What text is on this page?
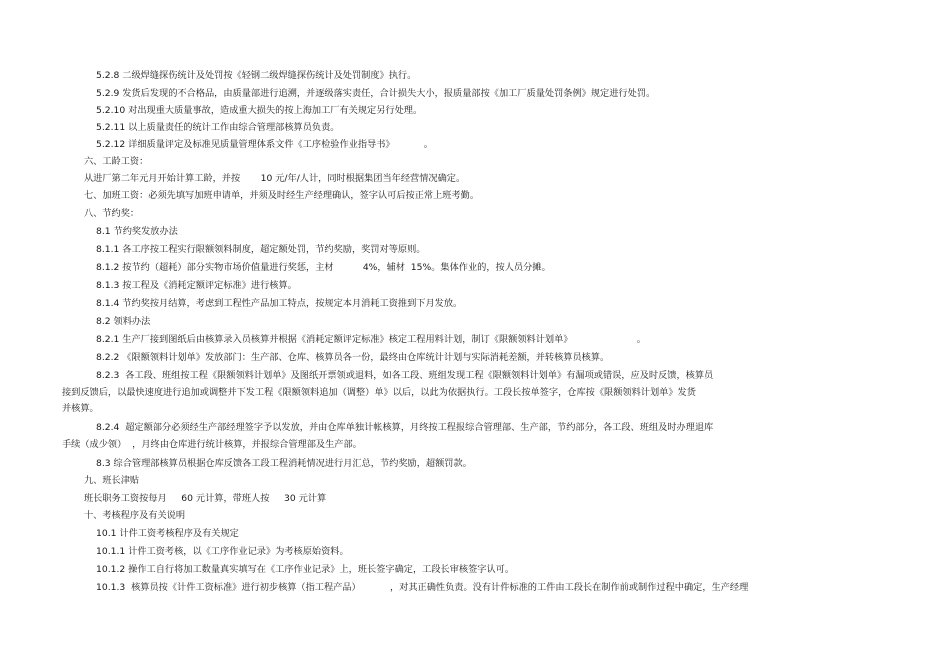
5.2.8 二级焊缝探伤统计及处罚按《轻钢二级焊缝探伤统计及处罚制度》执行。
5.2.9 发货后发现的不合格品，由质量部进行追溯，并逐级落实责任，合计损失大小，报质量部按《加工厂质量处罚条例》规定进行处罚。
5.2.10 对出现重大质量事故，造成重大损失的按上海加工厂有关规定另行处理。
5.2.11 以上质量责任的统计工作由综合管理部核算员负责。
5.2.12 详细质量评定及标准见质量管理体系文件《工序检验作业指导书》          。
六、工龄工资：
从进厂第二年元月开始计算工龄，并按       10 元/年/人计，同时根据集团当年经营情况确定。
七、加班工资：必须先填写加班申请单，并须及时经生产经理确认，签字认可后按正常上班考勤。
八、节约奖：
8.1 节约奖发放办法
8.1.1 各工序按工程实行限额领料制度，超定额处罚，节约奖励，奖罚对等原则。
8.1.2 按节约（超耗）部分实物市场价值量进行奖惩，主材          4%，辅材  15%。集体作业的，按人员分摊。
8.1.3 按工程及《消耗定额评定标准》进行核算。
8.1.4 节约奖按月结算，考虑到工程性产品加工特点，按规定本月消耗工资推到下月发放。
8.2 领料办法
8.2.1 生产厂接到图纸后由核算录入员核算并根据《消耗定额评定标准》核定工程用料计划，制订《限额领料计划单》                      。
8.2.2 《限额领料计划单》发放部门：生产部、仓库、核算员各一份，最终由仓库统计计划与实际消耗差额，并转核算员核算。
8.2.3  各工段、班组按工程《限额领料计划单》及图纸开票领或退料，如各工段、班组发现工程《限额领料计划单》有漏项或错误，应及时反馈，核算员
接到反馈后，以最快速度进行追加或调整并下发工程《限额领料追加（调整）单》以后，以此为依据执行。工段长按单签字，仓库按《限额领料计划单》发货
并核算。
8.2.4  超定额部分必须经生产部经理签字予以发放，并由仓库单独计帐核算，月终按工程报综合管理部、生产部，节约部分，各工段、班组及时办理退库
手续（成少领）  ，月终由仓库进行统计核算，并报综合管理部及生产部。
8.3 综合管理部核算员根据仓库反馈各工段工程消耗情况进行月汇总，节约奖励，超额罚款。
九、班长津贴
班长职务工资按每月     60 元计算，带班人按     30 元计算
十、考核程序及有关说明
10.1 计件工资考核程序及有关规定
10.1.1 计件工资考核，以《工序作业记录》为考核原始资料。
10.1.2 操作工自行将加工数量真实填写在《工序作业记录》上，班长签字确定，工段长审核签字认可。
10.1.3  核算员按《计件工资标准》进行初步核算（指工程产品）          ，对其正确性负责。没有计件标准的工件由工段长在制作前或制作过程中确定，生产经理
